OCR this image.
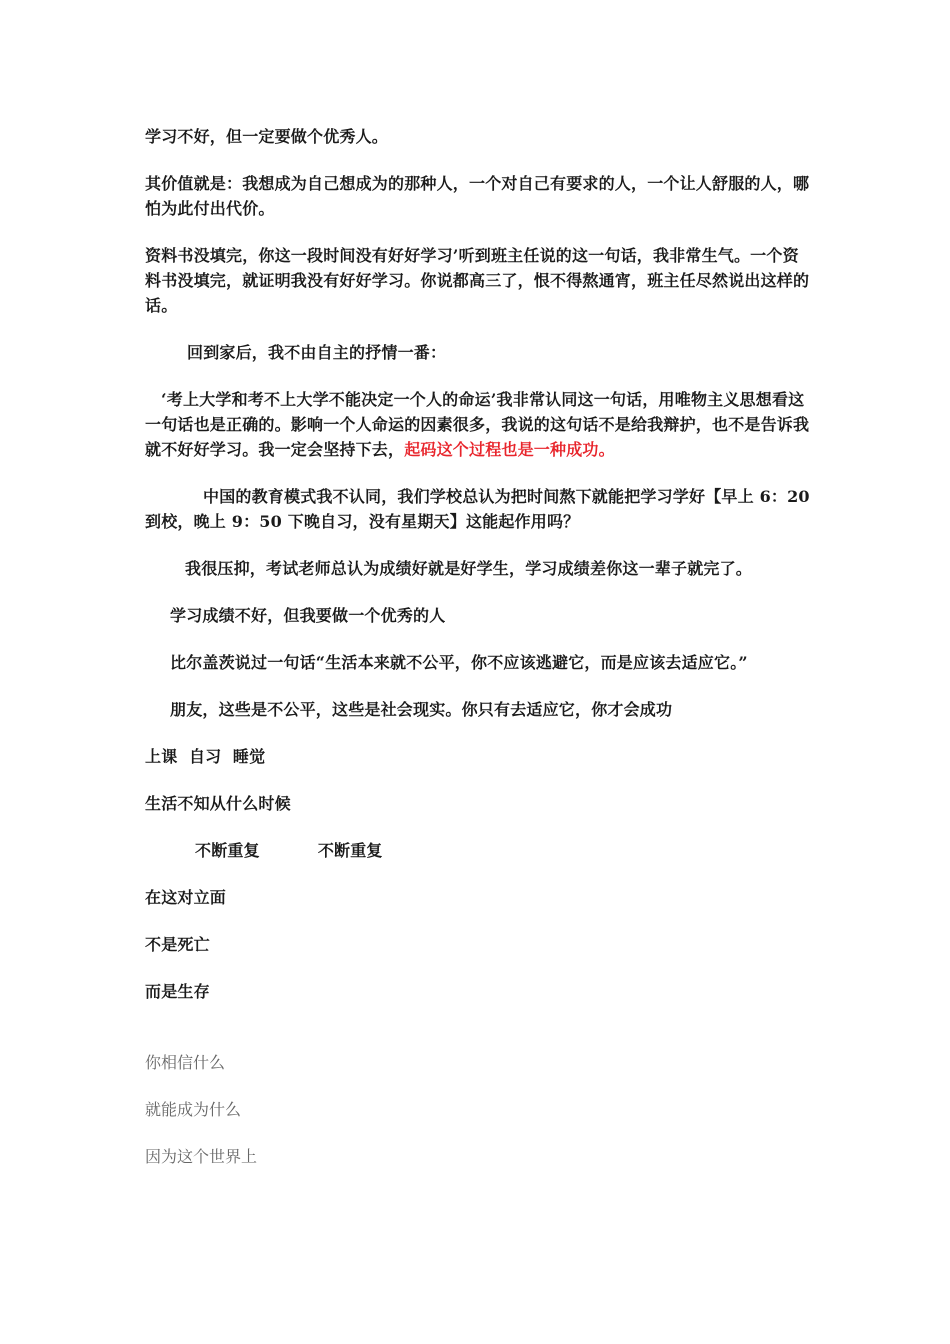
学习不好，但一定要做个优秀人。

其价值就是：我想成为自己想成为的那种人，一个对自己有要求的人，一个让人舒服的人，哪怕为此付出代价。

资料书没填完，你这一段时间没有好好学习’听到班主任说的这一句话，我非常生气。一个资料书没填完，就证明我没有好好学习。你说都高三了，恨不得熬通宵，班主任尽然说出这样的话。

回到家后，我不由自主的抒情一番：

‘考上大学和考不上大学不能决定一个人的命运’我非常认同这一句话，用唯物主义思想看这一句话也是正确的。影响一个人命运的因素很多，我说的这句话不是给我辩护，也不是告诉我就不好好学习。我一定会坚持下去，起码这个过程也是一种成功。

中国的教育模式我不认同，我们学校总认为把时间熬下就能把学习学好【早上 6：20 到校，晚上 9：50 下晚自习，没有星期天】这能起作用吗？

我很压抑，考试老师总认为成绩好就是好学生，学习成绩差你这一辈子就完了。

学习成绩不好，但我要做一个优秀的人

比尔盖茨说过一句话“生活本来就不公平，你不应该逃避它，而是应该去适应它。”

朋友，这些是不公平，这些是社会现实。你只有去适应它，你才会成功

上课  自习  睡觉

生活不知从什么时候

不断重复	不断重复

在这对立面

不是死亡

而是生存

你相信什么

就能成为什么

因为这个世界上
